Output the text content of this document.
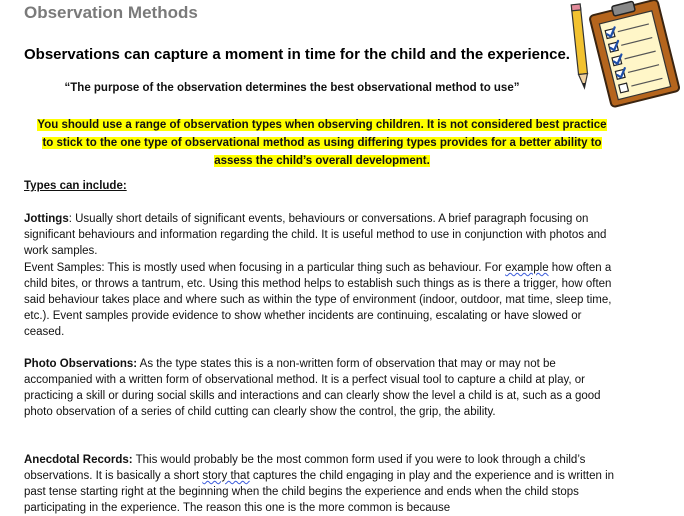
Observation Methods

Observations can capture a moment in time for the child and the experience.

“The purpose of the observation determines the best observational method to use”

You should use a range of observation types when observing children. It is not considered best practice
to stick to the one type of observational method as using differing types provides for a better ability to
assess the child’s overall development.

Types can include:

Jottings: Usually short details of significant events, behaviours or conversations. A brief paragraph focusing on significant behaviours and information regarding the child. It is useful method to use in conjunction with photos and work samples.

Event Samples: This is mostly used when focusing in a particular thing such as behaviour. For example how often a child bites, or throws a tantrum, etc. Using this method helps to establish such things as is there a trigger, how often said behaviour takes place and where such as within the type of environment (indoor, outdoor, mat time, sleep time, etc.). Event samples provide evidence to show whether incidents are continuing, escalating or have slowed or ceased.

Photo Observations: As the type states this is a non-written form of observation that may or may not be accompanied with a written form of observational method. It is a perfect visual tool to capture a child at play, or practicing a skill or during social skills and interactions and can clearly show the level a child is at, such as a good photo observation of a series of child cutting can clearly show the control, the grip, the ability.

Anecdotal Records: This would probably be the most common form used if you were to look through a child’s observations. It is basically a short story that captures the child engaging in play and the experience and is written in past tense starting right at the beginning when the child begins the experience and ends when the child stops participating in the experience. The reason this one is the more common is because
